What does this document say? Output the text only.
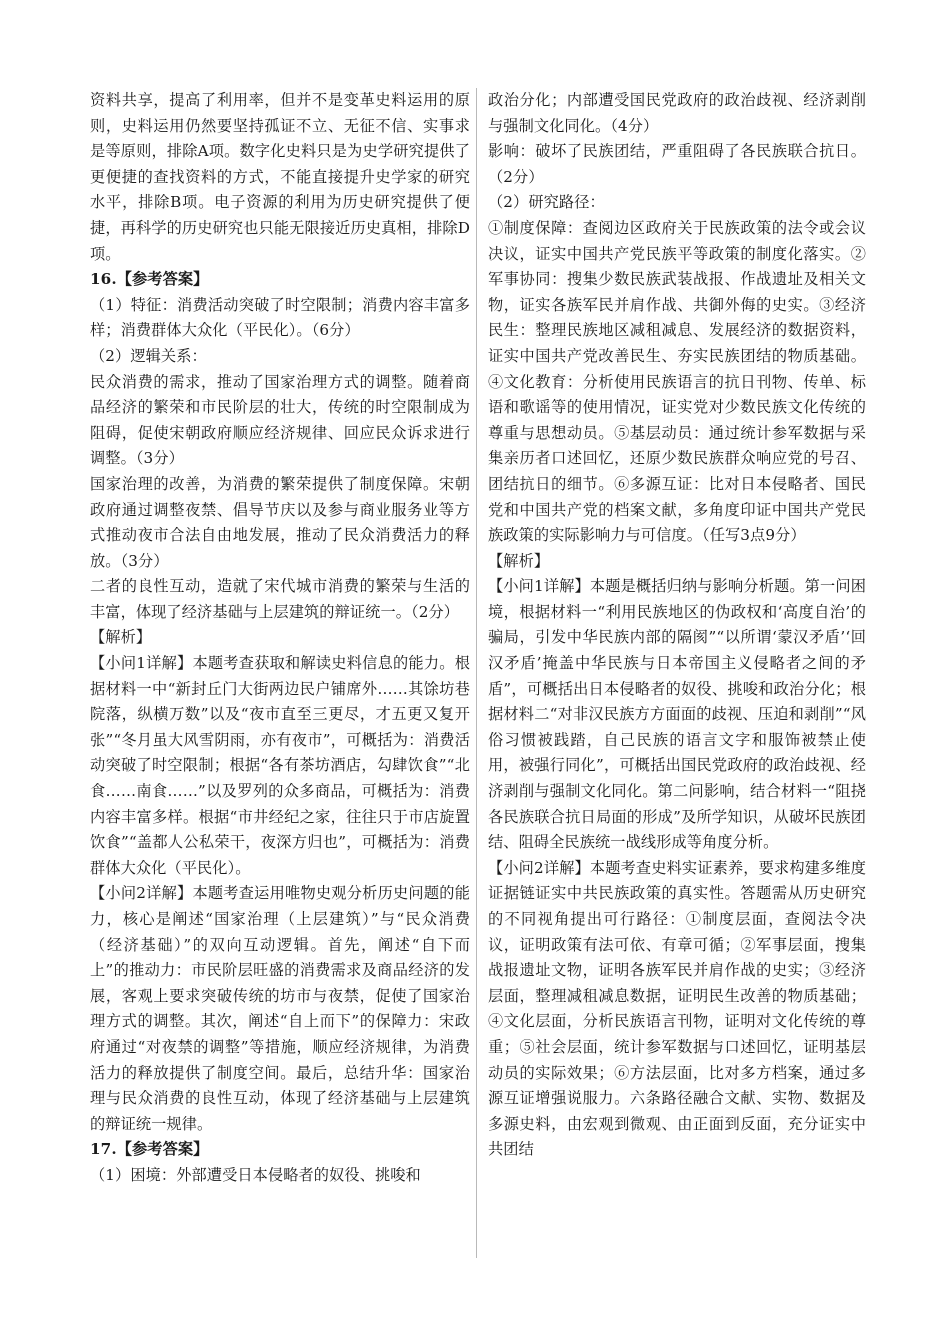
资料共享，提高了利用率，但并不是变革史料运用的原则，史料运用仍然要坚持孤证不立、无征不信、实事求是等原则，排除A项。数字化史料只是为史学研究提供了更便捷的查找资料的方式，不能直接提升史学家的研究水平，排除B项。电子资源的利用为历史研究提供了便捷，再科学的历史研究也只能无限接近历史真相，排除D项。

16.【参考答案】

（1）特征：消费活动突破了时空限制；消费内容丰富多样；消费群体大众化（平民化）。（6分）

（2）逻辑关系：

民众消费的需求，推动了国家治理方式的调整。随着商品经济的繁荣和市民阶层的壮大，传统的时空限制成为阻碍，促使宋朝政府顺应经济规律、回应民众诉求进行调整。（3分）

国家治理的改善，为消费的繁荣提供了制度保障。宋朝政府通过调整夜禁、倡导节庆以及参与商业服务业等方式推动夜市合法自由地发展，推动了民众消费活力的释放。（3分）

二者的良性互动，造就了宋代城市消费的繁荣与生活的丰富，体现了经济基础与上层建筑的辩证统一。（2分）

【解析】

【小问1详解】本题考查获取和解读史料信息的能力。根据材料一中“新封丘门大街两边民户铺席外……其馀坊巷院落，纵横万数”以及“夜市直至三更尽，才五更又复开张”“冬月虽大风雪阴雨，亦有夜市”，可概括为：消费活动突破了时空限制；根据“各有茶坊酒店，勾肆饮食”“北食……南食……”以及罗列的众多商品，可概括为：消费内容丰富多样。根据“市井经纪之家，往往只于市店旋置饮食”“盖都人公私荣干，夜深方归也”，可概括为：消费群体大众化（平民化）。

【小问2详解】本题考查运用唯物史观分析历史问题的能力，核心是阐述“国家治理（上层建筑）”与“民众消费（经济基础）”的双向互动逻辑。首先，阐述“自下而上”的推动力：市民阶层旺盛的消费需求及商品经济的发展，客观上要求突破传统的坊市与夜禁，促使了国家治理方式的调整。其次，阐述“自上而下”的保障力：宋政府通过“对夜禁的调整”等措施，顺应经济规律，为消费活力的释放提供了制度空间。最后，总结升华：国家治理与民众消费的良性互动，体现了经济基础与上层建筑的辩证统一规律。

17.【参考答案】

（1）困境：外部遭受日本侵略者的奴役、挑唆和

政治分化；内部遭受国民党政府的政治歧视、经济剥削与强制文化同化。（4分）

影响：破坏了民族团结，严重阻碍了各民族联合抗日。（2分）

（2）研究路径：

①制度保障：查阅边区政府关于民族政策的法令或会议决议，证实中国共产党民族平等政策的制度化落实。②军事协同：搜集少数民族武装战报、作战遗址及相关文物，证实各族军民并肩作战、共御外侮的史实。③经济民生：整理民族地区减租减息、发展经济的数据资料，证实中国共产党改善民生、夯实民族团结的物质基础。④文化教育：分析使用民族语言的抗日刊物、传单、标语和歌谣等的使用情况，证实党对少数民族文化传统的尊重与思想动员。⑤基层动员：通过统计参军数据与采集亲历者口述回忆，还原少数民族群众响应党的号召、团结抗日的细节。⑥多源互证：比对日本侵略者、国民党和中国共产党的档案文献，多角度印证中国共产党民族政策的实际影响力与可信度。（任写3点9分）

【解析】

【小问1详解】本题是概括归纳与影响分析题。第一问困境，根据材料一“利用民族地区的伪政权和‘高度自治’的骗局，引发中华民族内部的隔阂”“以所谓‘蒙汉矛盾’‘回汉矛盾’掩盖中华民族与日本帝国主义侵略者之间的矛盾”，可概括出日本侵略者的奴役、挑唆和政治分化；根据材料二“对非汉民族方方面面的歧视、压迫和剥削”“风俗习惯被践踏，自己民族的语言文字和服饰被禁止使用，被强行同化”，可概括出国民党政府的政治歧视、经济剥削与强制文化同化。第二问影响，结合材料一“阻挠各民族联合抗日局面的形成”及所学知识，从破坏民族团结、阻碍全民族统一战线形成等角度分析。

【小问2详解】本题考查史料实证素养，要求构建多维度证据链证实中共民族政策的真实性。答题需从历史研究的不同视角提出可行路径：①制度层面，查阅法令决议，证明政策有法可依、有章可循；②军事层面，搜集战报遗址文物，证明各族军民并肩作战的史实；③经济层面，整理减租减息数据，证明民生改善的物质基础；④文化层面，分析民族语言刊物，证明对文化传统的尊重；⑤社会层面，统计参军数据与口述回忆，证明基层动员的实际效果；⑥方法层面，比对多方档案，通过多源互证增强说服力。六条路径融合文献、实物、数据及多源史料，由宏观到微观、由正面到反面，充分证实中共团结
